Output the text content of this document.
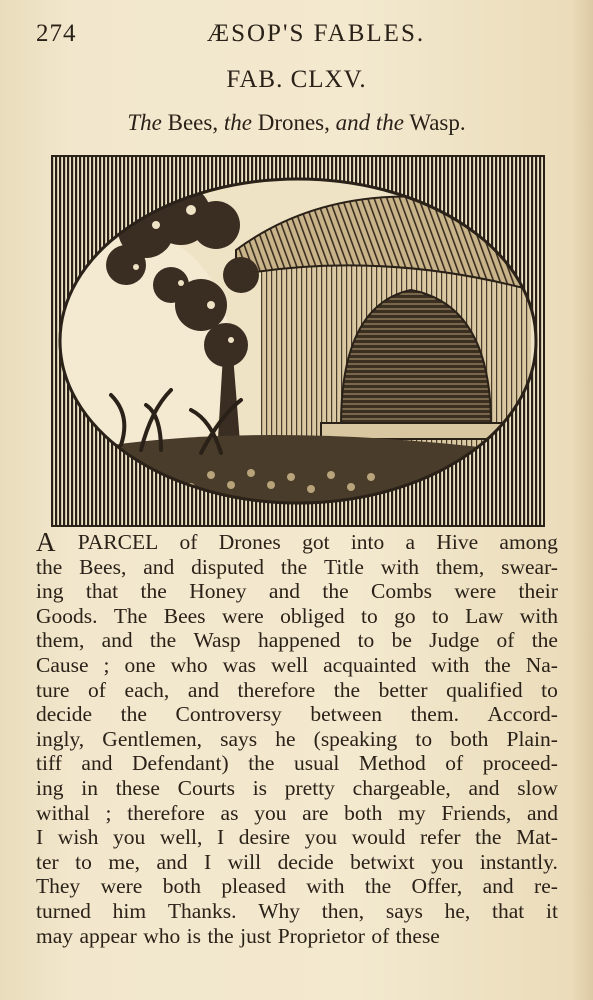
274	ÆSOP'S FABLES.
FAB. CLXV.
The Bees, the Drones, and the Wasp.
A PARCEL of Drones got into a Hive among
the Bees, and disputed the Title with them, swear-
ing that the Honey and the Combs were their
Goods. The Bees were obliged to go to Law with
them, and the Wasp happened to be Judge of the
Cause ; one who was well acquainted with the Na-
ture of each, and therefore the better qualified to
decide the Controversy between them. Accord-
ingly, Gentlemen, says he (speaking to both Plain-
tiff and Defendant) the usual Method of proceed-
ing in these Courts is pretty chargeable, and slow
withal ; therefore as you are both my Friends, and
I wish you well, I desire you would refer the Mat-
ter to me, and I will decide betwixt you instantly.
They were both pleased with the Offer, and re-
turned him Thanks. Why then, says he, that it
may appear who is the just Proprietor of these
